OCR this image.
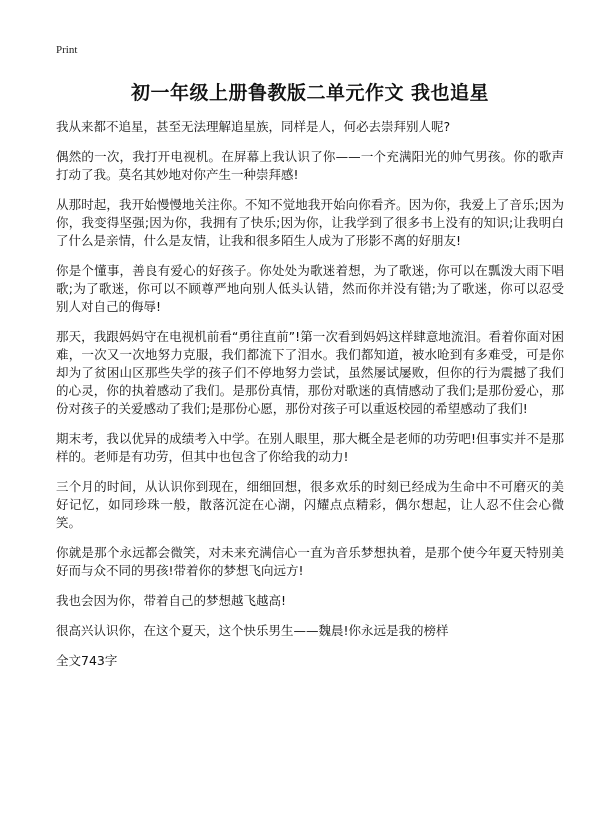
Print
初一年级上册鲁教版二单元作文 我也追星

我从来都不追星，甚至无法理解追星族，同样是人，何必去崇拜别人呢?

偶然的一次，我打开电视机。在屏幕上我认识了你——一个充满阳光的帅气男孩。你的歌声打动了我。莫名其妙地对你产生一种崇拜感!

从那时起，我开始慢慢地关注你。不知不觉地我开始向你看齐。因为你，我爱上了音乐;因为你，我变得坚强;因为你，我拥有了快乐;因为你，让我学到了很多书上没有的知识;让我明白了什么是亲情，什么是友情，让我和很多陌生人成为了形影不离的好朋友!

你是个懂事，善良有爱心的好孩子。你处处为歌迷着想，为了歌迷，你可以在瓢泼大雨下唱歌;为了歌迷，你可以不顾尊严地向别人低头认错，然而你并没有错;为了歌迷，你可以忍受别人对自己的侮辱!

那天，我跟妈妈守在电视机前看“勇往直前”!第一次看到妈妈这样肆意地流泪。看着你面对困难，一次又一次地努力克服，我们都流下了泪水。我们都知道，被水呛到有多难受，可是你却为了贫困山区那些失学的孩子们不停地努力尝试，虽然屡试屡败，但你的行为震撼了我们的心灵，你的执着感动了我们。是那份真情，那份对歌迷的真情感动了我们;是那份爱心，那份对孩子的关爱感动了我们;是那份心愿，那份对孩子可以重返校园的希望感动了我们!

期末考，我以优异的成绩考入中学。在别人眼里，那大概全是老师的功劳吧!但事实并不是那样的。老师是有功劳，但其中也包含了你给我的动力!

三个月的时间，从认识你到现在，细细回想，很多欢乐的时刻已经成为生命中不可磨灭的美好记忆，如同珍珠一般，散落沉淀在心湖，闪耀点点精彩，偶尔想起，让人忍不住会心微笑。

你就是那个永远都会微笑，对未来充满信心一直为音乐梦想执着，是那个使今年夏天特别美好而与众不同的男孩!带着你的梦想飞向远方!

我也会因为你，带着自己的梦想越飞越高!

很高兴认识你，在这个夏天，这个快乐男生——魏晨!你永远是我的榜样

全文743字
